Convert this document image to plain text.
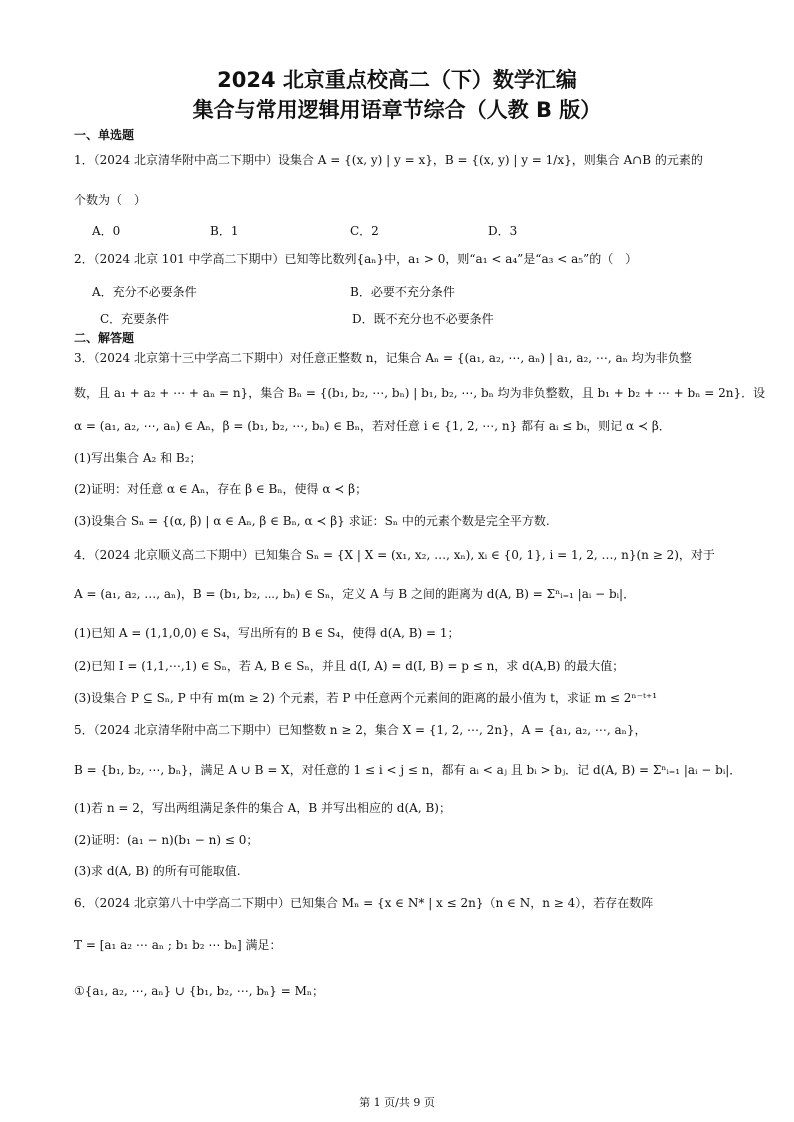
2024 北京重点校高二（下）数学汇编
集合与常用逻辑用语章节综合（人教 B 版）
一、单选题
1．（2024 北京清华附中高二下期中）设集合 A = {(x, y) | y = x}，B = {(x, y) | y = 1/x}，则集合 A∩B 的元素的
个数为（　）
A．0	B．1	C．2	D．3
2．（2024 北京 101 中学高二下期中）已知等比数列{aₙ}中，a₁ > 0，则“a₁ < a₄”是“a₃ < a₅”的（　）
A．充分不必要条件	B．必要不充分条件
C．充要条件	D．既不充分也不必要条件
二、解答题
3．（2024 北京第十三中学高二下期中）对任意正整数 n，记集合 Aₙ = {(a₁, a₂, ⋯, aₙ) | a₁, a₂, ⋯, aₙ 均为非负整
数，且 a₁ + a₂ + ⋯ + aₙ = n}，集合 Bₙ = {(b₁, b₂, ⋯, bₙ) | b₁, b₂, ⋯, bₙ 均为非负整数，且 b₁ + b₂ + ⋯ + bₙ = 2n}．设
α = (a₁, a₂, ⋯, aₙ) ∈ Aₙ，β = (b₁, b₂, ⋯, bₙ) ∈ Bₙ，若对任意 i ∈ {1, 2, ⋯, n} 都有 aᵢ ≤ bᵢ，则记 α ≺ β．
(1)写出集合 A₂ 和 B₂；
(2)证明：对任意 α ∈ Aₙ，存在 β ∈ Bₙ，使得 α ≺ β；
(3)设集合 Sₙ = {(α, β) | α ∈ Aₙ, β ∈ Bₙ, α ≺ β} 求证：Sₙ 中的元素个数是完全平方数.
4．（2024 北京顺义高二下期中）已知集合 Sₙ = {X | X = (x₁, x₂, …, xₙ), xᵢ ∈ {0, 1}, i = 1, 2, …, n}(n ≥ 2)，对于
A = (a₁, a₂, …, aₙ)，B = (b₁, b₂, ⋯, bₙ) ∈ Sₙ，定义 A 与 B 之间的距离为 d(A, B) = Σⁿᵢ₌₁ |aᵢ − bᵢ|．
(1)已知 A = (1,1,0,0) ∈ S₄，写出所有的 B ∈ S₄，使得 d(A, B) = 1；
(2)已知 I = (1,1,⋯,1) ∈ Sₙ，若 A, B ∈ Sₙ，并且 d(I, A) = d(I, B) = p ≤ n，求 d(A,B) 的最大值；
(3)设集合 P ⊆ Sₙ, P 中有 m(m ≥ 2) 个元素，若 P 中任意两个元素间的距离的最小值为 t，求证 m ≤ 2ⁿ⁻ᵗ⁺¹
5．（2024 北京清华附中高二下期中）已知整数 n ≥ 2，集合 X = {1, 2, ⋯, 2n}，A = {a₁, a₂, ⋯, aₙ}，
B = {b₁, b₂, ⋯, bₙ}，满足 A ∪ B = X，对任意的 1 ≤ i < j ≤ n，都有 aᵢ < aⱼ 且 bᵢ > bⱼ．记 d(A, B) = Σⁿᵢ₌₁ |aᵢ − bᵢ|．
(1)若 n = 2，写出两组满足条件的集合 A，B 并写出相应的 d(A, B)；
(2)证明：(a₁ − n)(b₁ − n) ≤ 0；
(3)求 d(A, B) 的所有可能取值.
6．（2024 北京第八十中学高二下期中）已知集合 Mₙ = {x ∈ N* | x ≤ 2n}（n ∈ N，n ≥ 4），若存在数阵
T = [a₁ a₂ ⋯ aₙ ; b₁ b₂ ⋯ bₙ] 满足：
①{a₁, a₂, ⋯, aₙ} ∪ {b₁, b₂, ⋯, bₙ} = Mₙ；
第 1 页/共 9 页
